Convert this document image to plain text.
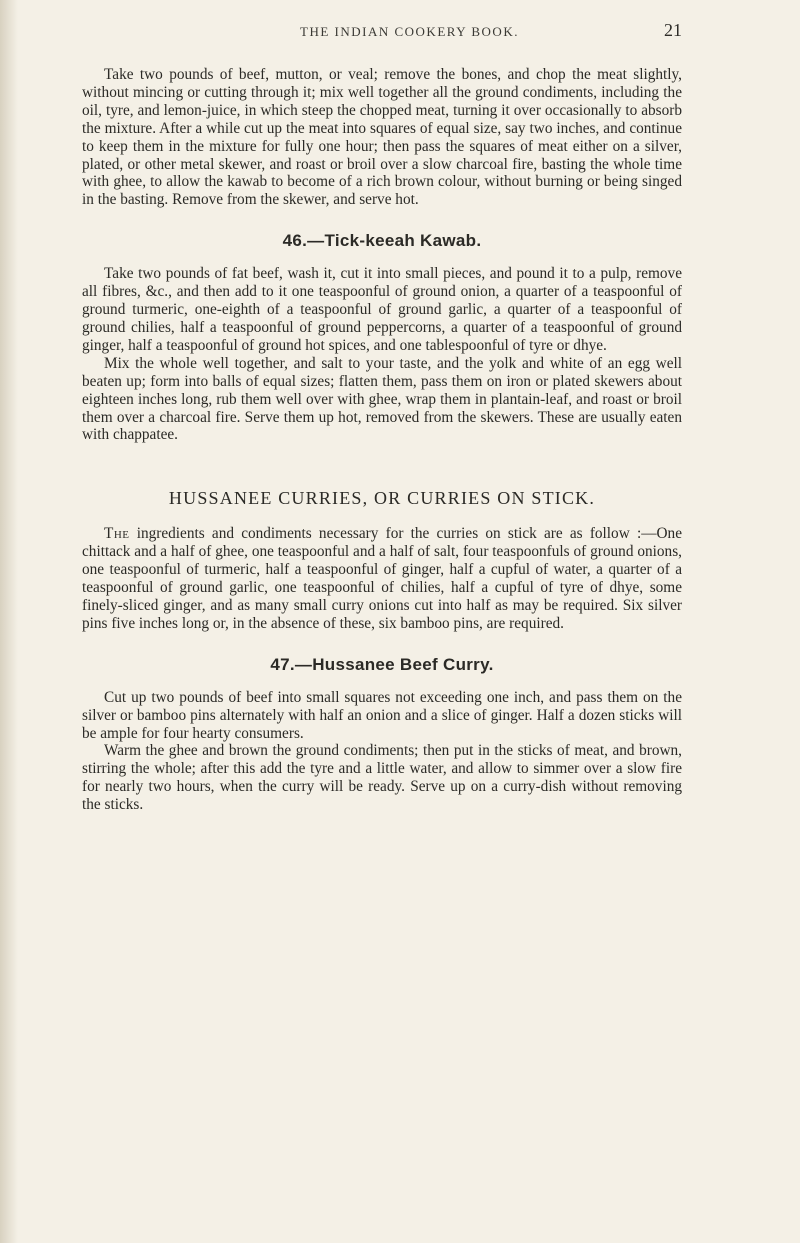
THE INDIAN COOKERY BOOK.	21

Take two pounds of beef, mutton, or veal; remove the bones, and chop the meat slightly, without mincing or cutting through it; mix well together all the ground condiments, including the oil, tyre, and lemon-juice, in which steep the chopped meat, turning it over occasionally to absorb the mixture. After a while cut up the meat into squares of equal size, say two inches, and continue to keep them in the mixture for fully one hour; then pass the squares of meat either on a silver, plated, or other metal skewer, and roast or broil over a slow charcoal fire, basting the whole time with ghee, to allow the kawab to become of a rich brown colour, without burning or being singed in the basting. Remove from the skewer, and serve hot.

46.—Tick-keeah Kawab.

Take two pounds of fat beef, wash it, cut it into small pieces, and pound it to a pulp, remove all fibres, &c., and then add to it one teaspoonful of ground onion, a quarter of a teaspoonful of ground turmeric, one-eighth of a teaspoonful of ground garlic, a quarter of a teaspoonful of ground chilies, half a teaspoonful of ground peppercorns, a quarter of a teaspoonful of ground ginger, half a teaspoonful of ground hot spices, and one tablespoonful of tyre or dhye.

Mix the whole well together, and salt to your taste, and the yolk and white of an egg well beaten up; form into balls of equal sizes; flatten them, pass them on iron or plated skewers about eighteen inches long, rub them well over with ghee, wrap them in plantain-leaf, and roast or broil them over a charcoal fire. Serve them up hot, removed from the skewers. These are usually eaten with chappatee.

HUSSANEE CURRIES, OR CURRIES ON STICK.

The ingredients and condiments necessary for the curries on stick are as follow :—One chittack and a half of ghee, one teaspoonful and a half of salt, four teaspoonfuls of ground onions, one teaspoonful of turmeric, half a teaspoonful of ginger, half a cupful of water, a quarter of a teaspoonful of ground garlic, one teaspoonful of chilies, half a cupful of tyre of dhye, some finely-sliced ginger, and as many small curry onions cut into half as may be required. Six silver pins five inches long or, in the absence of these, six bamboo pins, are required.

47.—Hussanee Beef Curry.

Cut up two pounds of beef into small squares not exceeding one inch, and pass them on the silver or bamboo pins alternately with half an onion and a slice of ginger. Half a dozen sticks will be ample for four hearty consumers.

Warm the ghee and brown the ground condiments; then put in the sticks of meat, and brown, stirring the whole; after this add the tyre and a little water, and allow to simmer over a slow fire for nearly two hours, when the curry will be ready. Serve up on a curry-dish without removing the sticks.
